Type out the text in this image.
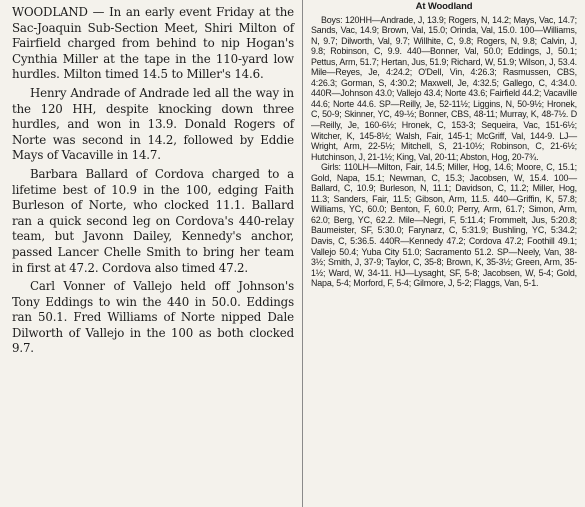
WOODLAND — In an early event Friday at the Sac-Joaquin Sub-Section Meet, Shiri Milton of Fairfield charged from behind to nip Hogan's Cynthia Miller at the tape in the 110-yard low hurdles. Milton timed 14.5 to Miller's 14.6.

Henry Andrade of Andrade led all the way in the 120 HH, despite knocking down three hurdles, and won in 13.9. Donald Rogers of Norte was second in 14.2, followed by Eddie Mays of Vacaville in 14.7.

Barbara Ballard of Cordova charged to a lifetime best of 10.9 in the 100, edging Faith Burleson of Norte, who clocked 11.1. Ballard ran a quick second leg on Cordova's 440-relay team, but Javonn Dailey, Kennedy's anchor, passed Lancer Chelle Smith to bring her team in first at 47.2. Cordova also timed 47.2.

Carl Vonner of Vallejo held off Johnson's Tony Eddings to win the 440 in 50.0. Eddings ran 50.1. Fred Williams of Norte nipped Dale Dilworth of Vallejo in the 100 as both clocked 9.7.

At Woodland

Boys: 120HH—Andrade, J, 13.9; Rogers, N, 14.2; Mays, Vac, 14.7; Sands, Vac, 14.9; Brown, Val, 15.0; Orinda, Val, 15.0. 100—Williams, N, 9.7; Dilworth, Val, 9.7; Willhite, C, 9.8; Rogers, N, 9.8; Calvin, J, 9.8; Robinson, C, 9.9. 440—Bonner, Val, 50.0; Eddings, J, 50.1; Pettus, Arm, 51.7; Hertan, Jus, 51.9; Richard, W, 51.9; Wilson, J, 53.4. Mile—Reyes, Je, 4:24.2; O'Dell, Vin, 4:26.3; Rasmussen, CBS, 4:26.3; Gorman, S, 4:30.2; Maxwell, Je, 4:32.5; Gallego, C, 4:34.0. 440R—Johnson 43.0; Vallejo 43.4; Norte 43.6; Fairfield 44.2; Vacaville 44.6; Norte 44.6. SP—Reilly, Je, 52-11½; Liggins, N, 50-9½; Hronek, C, 50-9; Skinner, YC, 49-½; Bonner, CBS, 48-11; Murray, K, 48-7½. D—Reilly, Je, 160-6½; Hronek, C, 153-3; Sequeira, Vac, 151-6½; Witcher, K, 145-8½; Walsh, Fair, 145-1; McGriff, Val, 144-9. LJ—Wright, Arm, 22-5½; Mitchell, S, 21-10½; Robinson, C, 21-6½; Hutchinson, J, 21-1½; King, Val, 20-11; Abston, Hog, 20-7¾.

Girls: 110LH—Milton, Fair, 14.5; Miller, Hog, 14.6; Moore, C, 15.1; Gold, Napa, 15.1; Newman, C, 15.3; Jacobsen, W, 15.4. 100—Ballard, C, 10.9; Burleson, N, 11.1; Davidson, C, 11.2; Miller, Hog, 11.3; Sanders, Fair, 11.5; Gibson, Arm, 11.5. 440—Griffin, K, 57.8; Williams, YC, 60.0; Benton, F, 60.0; Perry, Arm, 61.7; Simon, Arm, 62.0; Berg, YC, 62.2. Mile—Negri, F, 5:11.4; Frommelt, Jus, 5:20.8; Baumeister, SF, 5:30.0; Farynarz, C, 5:31.9; Bushling, YC, 5:34.2; Davis, C, 5:36.5. 440R—Kennedy 47.2; Cordova 47.2; Foothill 49.1; Vallejo 50.4; Yuba City 51.0; Sacramento 51.2. SP—Neely, Van, 38-3½; Smith, J, 37-9; Taylor, C, 35-8; Brown, K, 35-3½; Green, Arm, 35-1½; Ward, W, 34-11. HJ—Lysaght, SF, 5-8; Jacobsen, W, 5-4; Gold, Napa, 5-4; Morford, F, 5-4; Gilmore, J, 5-2; Flaggs, Van, 5-1.
